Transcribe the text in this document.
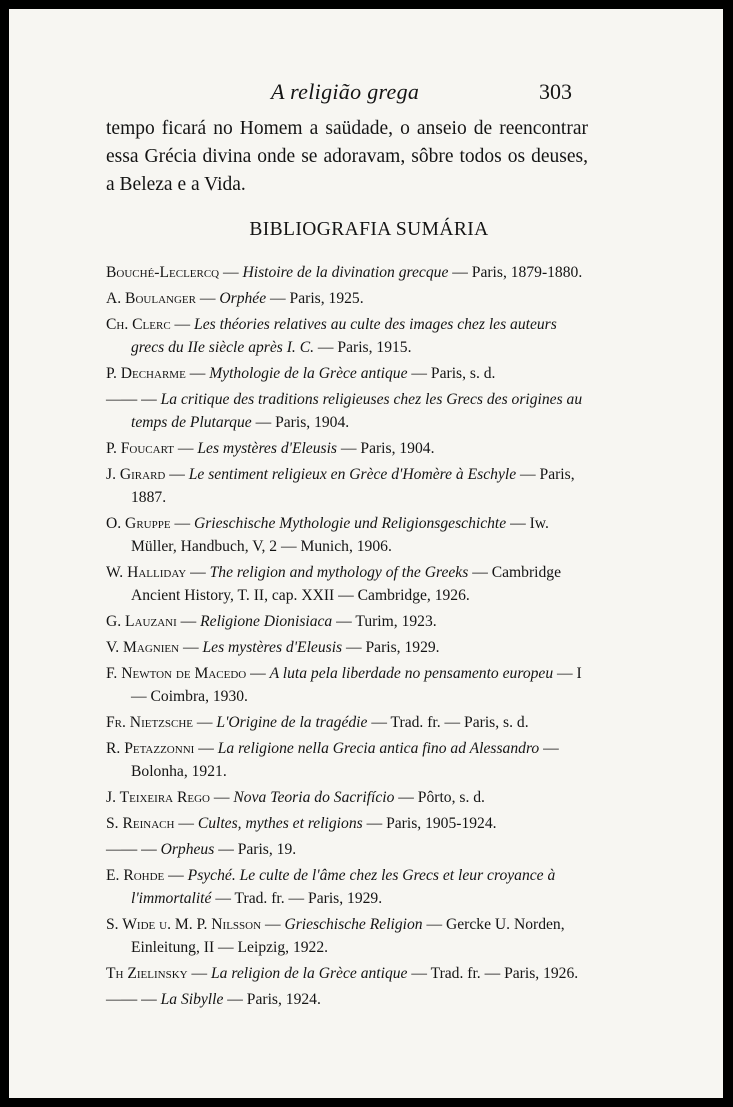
A religião grega	303

tempo ficará no Homem a saüdade, o anseio de reencontrar essa Grécia divina onde se adoravam, sôbre todos os deuses, a Beleza e a Vida.

BIBLIOGRAFIA SUMÁRIA
Bouché-Leclercq — Histoire de la divination grecque — Paris, 1879-1880.
A. Boulanger — Orphée — Paris, 1925.
Ch. Clerc — Les théories relatives au culte des images chez les auteurs grecs du IIe siècle après I. C. — Paris, 1915.
P. Decharme — Mythologie de la Grèce antique — Paris, s. d.
—— — La critique des traditions religieuses chez les Grecs des origines au temps de Plutarque — Paris, 1904.
P. Foucart — Les mystères d'Eleusis — Paris, 1904.
J. Girard — Le sentiment religieux en Grèce d'Homère à Eschyle — Paris, 1887.
O. Gruppe — Grieschische Mythologie und Religionsgeschichte — Iw. Müller, Handbuch, V, 2 — Munich, 1906.
W. Halliday — The religion and mythology of the Greeks — Cambridge Ancient History, T. II, cap. XXII — Cambridge, 1926.
G. Lauzani — Religione Dionisiaca — Turim, 1923.
V. Magnien — Les mystères d'Eleusis — Paris, 1929.
F. Newton de Macedo — A luta pela liberdade no pensamento europeu — I — Coimbra, 1930.
Fr. Nietzsche — L'Origine de la tragédie — Trad. fr. — Paris, s. d.
R. Petazzonni — La religione nella Grecia antica fino ad Alessandro — Bolonha, 1921.
J. Teixeira Rego — Nova Teoria do Sacrifício — Pôrto, s. d.
S. Reinach — Cultes, mythes et religions — Paris, 1905-1924.
—— — Orpheus — Paris, 19.
E. Rohde — Psyché. Le culte de l'âme chez les Grecs et leur croyance à l'immortalité — Trad. fr. — Paris, 1929.
S. Wide u. M. P. Nilsson — Grieschische Religion — Gercke U. Norden, Einleitung, II — Leipzig, 1922.
Th Zielinsky — La religion de la Grèce antique — Trad. fr. — Paris, 1926.
—— — La Sibylle — Paris, 1924.
